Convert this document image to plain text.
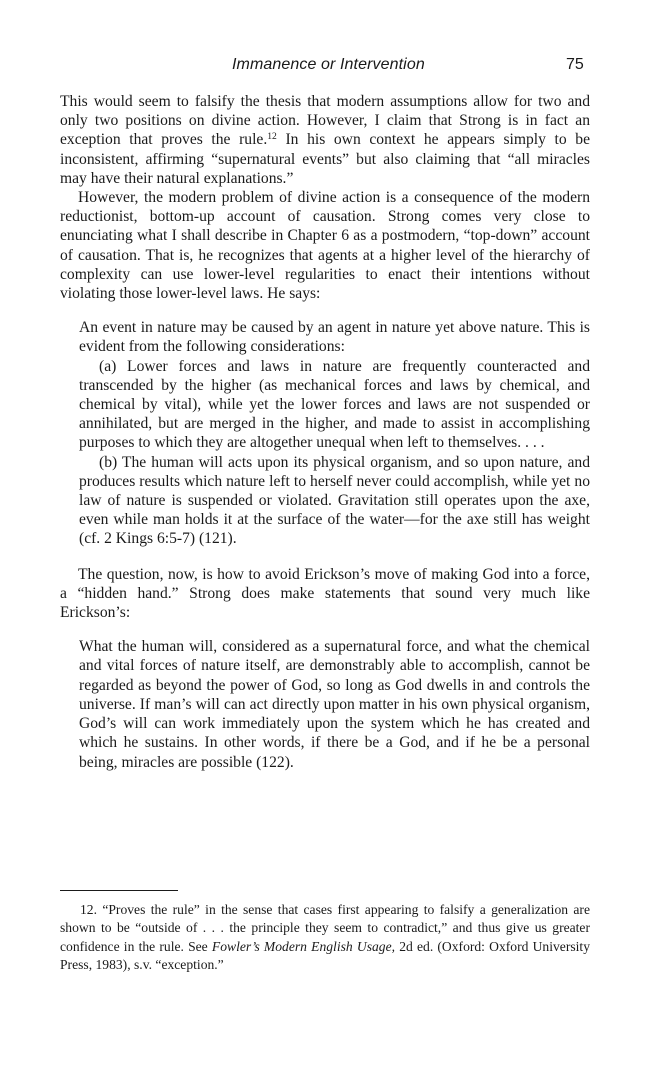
Immanence or Intervention	75

This would seem to falsify the thesis that modern assumptions allow for two and only two positions on divine action. However, I claim that Strong is in fact an exception that proves the rule.$^{12}$ In his own context he appears simply to be inconsistent, affirming “supernatural events” but also claiming that “all miracles may have their natural explanations.”

However, the modern problem of divine action is a consequence of the modern reductionist, bottom-up account of causation. Strong comes very close to enunciating what I shall describe in Chapter 6 as a postmodern, “top-down” account of causation. That is, he recognizes that agents at a higher level of the hierarchy of complexity can use lower-level regularities to enact their intentions without violating those lower-level laws. He says:

An event in nature may be caused by an agent in nature yet above nature. This is evident from the following considerations:

(a) Lower forces and laws in nature are frequently counteracted and transcended by the higher (as mechanical forces and laws by chemical, and chemical by vital), while yet the lower forces and laws are not suspended or annihilated, but are merged in the higher, and made to assist in accomplishing purposes to which they are altogether unequal when left to themselves. . . .

(b) The human will acts upon its physical organism, and so upon nature, and produces results which nature left to herself never could accomplish, while yet no law of nature is suspended or violated. Gravitation still operates upon the axe, even while man holds it at the surface of the water—for the axe still has weight (cf. 2 Kings 6:5-7) (121).

The question, now, is how to avoid Erickson’s move of making God into a force, a “hidden hand.” Strong does make statements that sound very much like Erickson’s:

What the human will, considered as a supernatural force, and what the chemical and vital forces of nature itself, are demonstrably able to accomplish, cannot be regarded as beyond the power of God, so long as God dwells in and controls the universe. If man’s will can act directly upon matter in his own physical organism, God’s will can work immediately upon the system which he has created and which he sustains. In other words, if there be a God, and if he be a personal being, miracles are possible (122).

12. “Proves the rule” in the sense that cases first appearing to falsify a generalization are shown to be “outside of . . . the principle they seem to contradict,” and thus give us greater confidence in the rule. See Fowler’s Modern English Usage, 2d ed. (Oxford: Oxford University Press, 1983), s.v. “exception.”
